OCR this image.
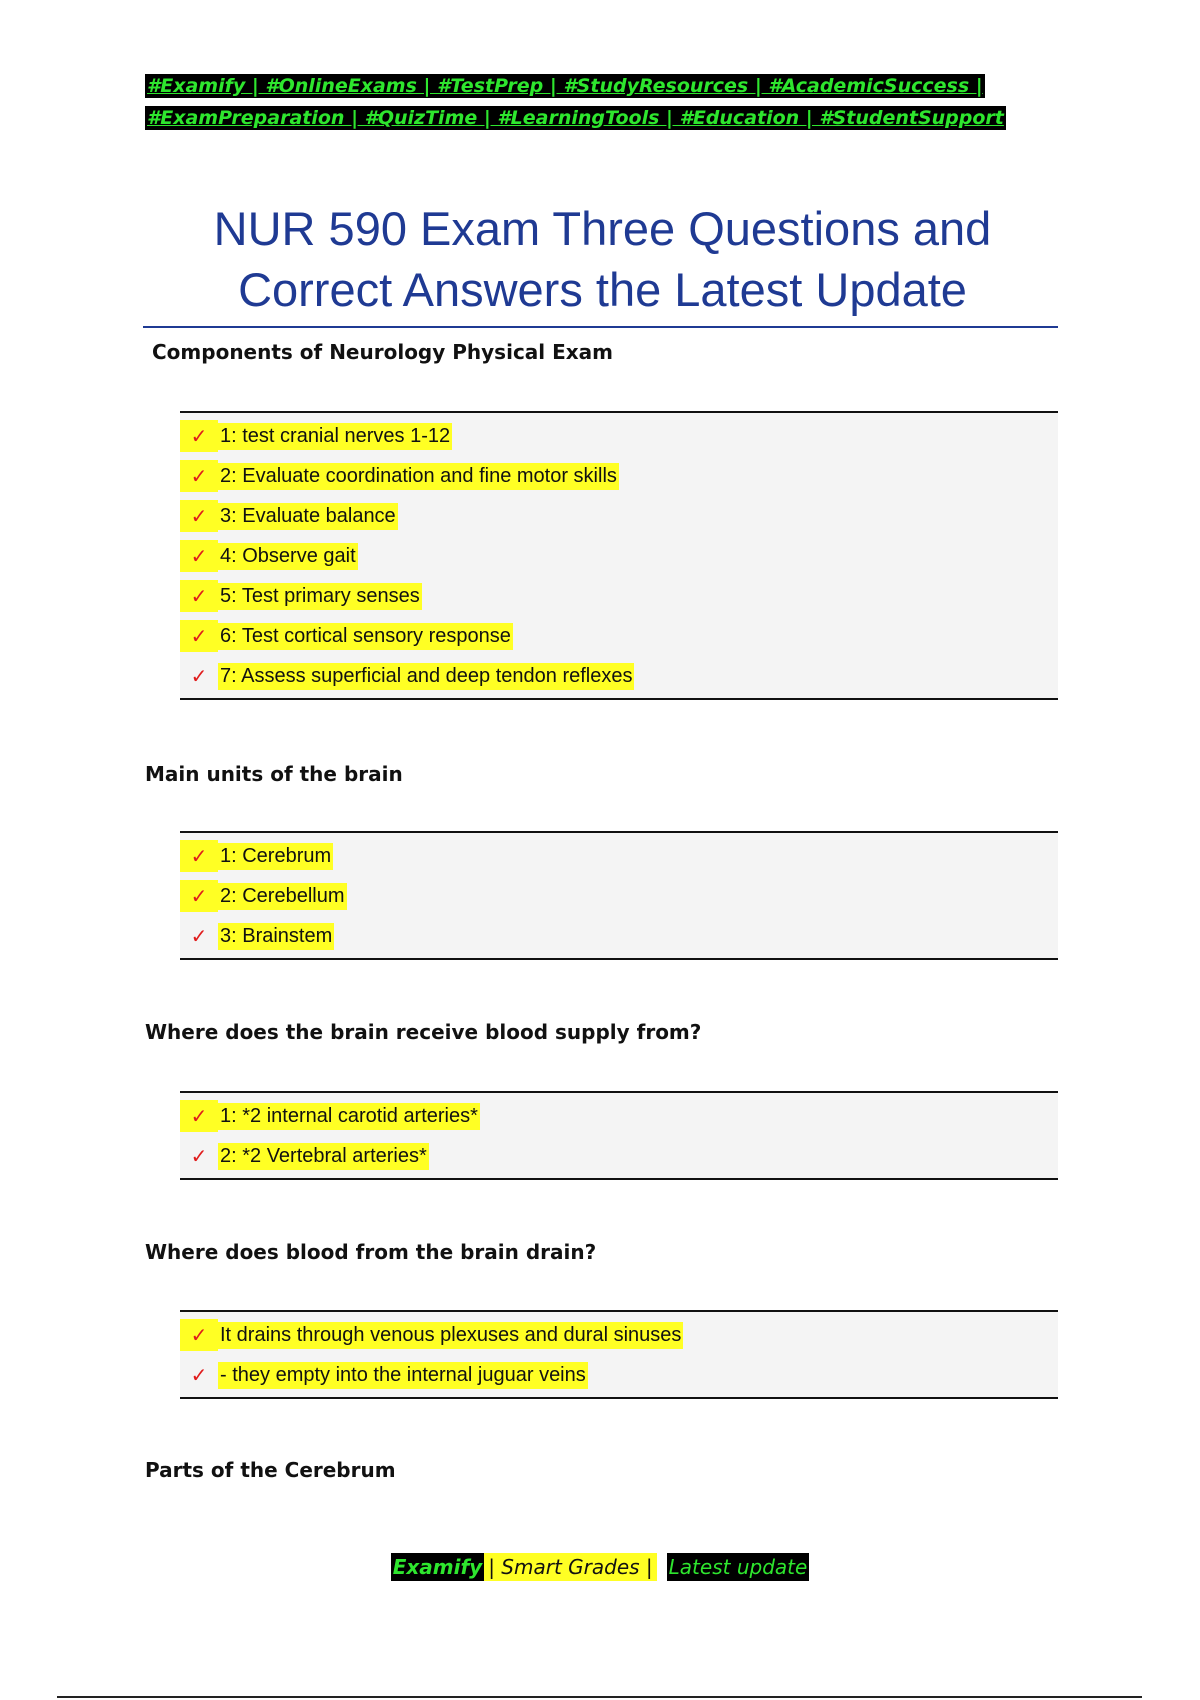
#Examify | #OnlineExams | #TestPrep | #StudyResources | #AcademicSuccess |
#ExamPreparation | #QuizTime | #LearningTools | #Education | #StudentSupport
NUR 590 Exam Three Questions and
Correct Answers the Latest Update
Components of Neurology Physical Exam
✓ 1: test cranial nerves 1-12
✓ 2: Evaluate coordination and fine motor skills
✓ 3: Evaluate balance
✓ 4: Observe gait
✓ 5: Test primary senses
✓ 6: Test cortical sensory response
✓ 7: Assess superficial and deep tendon reflexes
Main units of the brain
✓ 1: Cerebrum
✓ 2: Cerebellum
✓ 3: Brainstem
Where does the brain receive blood supply from?
✓ 1: *2 internal carotid arteries*
✓ 2: *2 Vertebral arteries*
Where does blood from the brain drain?
✓ It drains through venous plexuses and dural sinuses
✓ - they empty into the internal juguar veins
Parts of the Cerebrum
Examify | Smart Grades | Latest update
